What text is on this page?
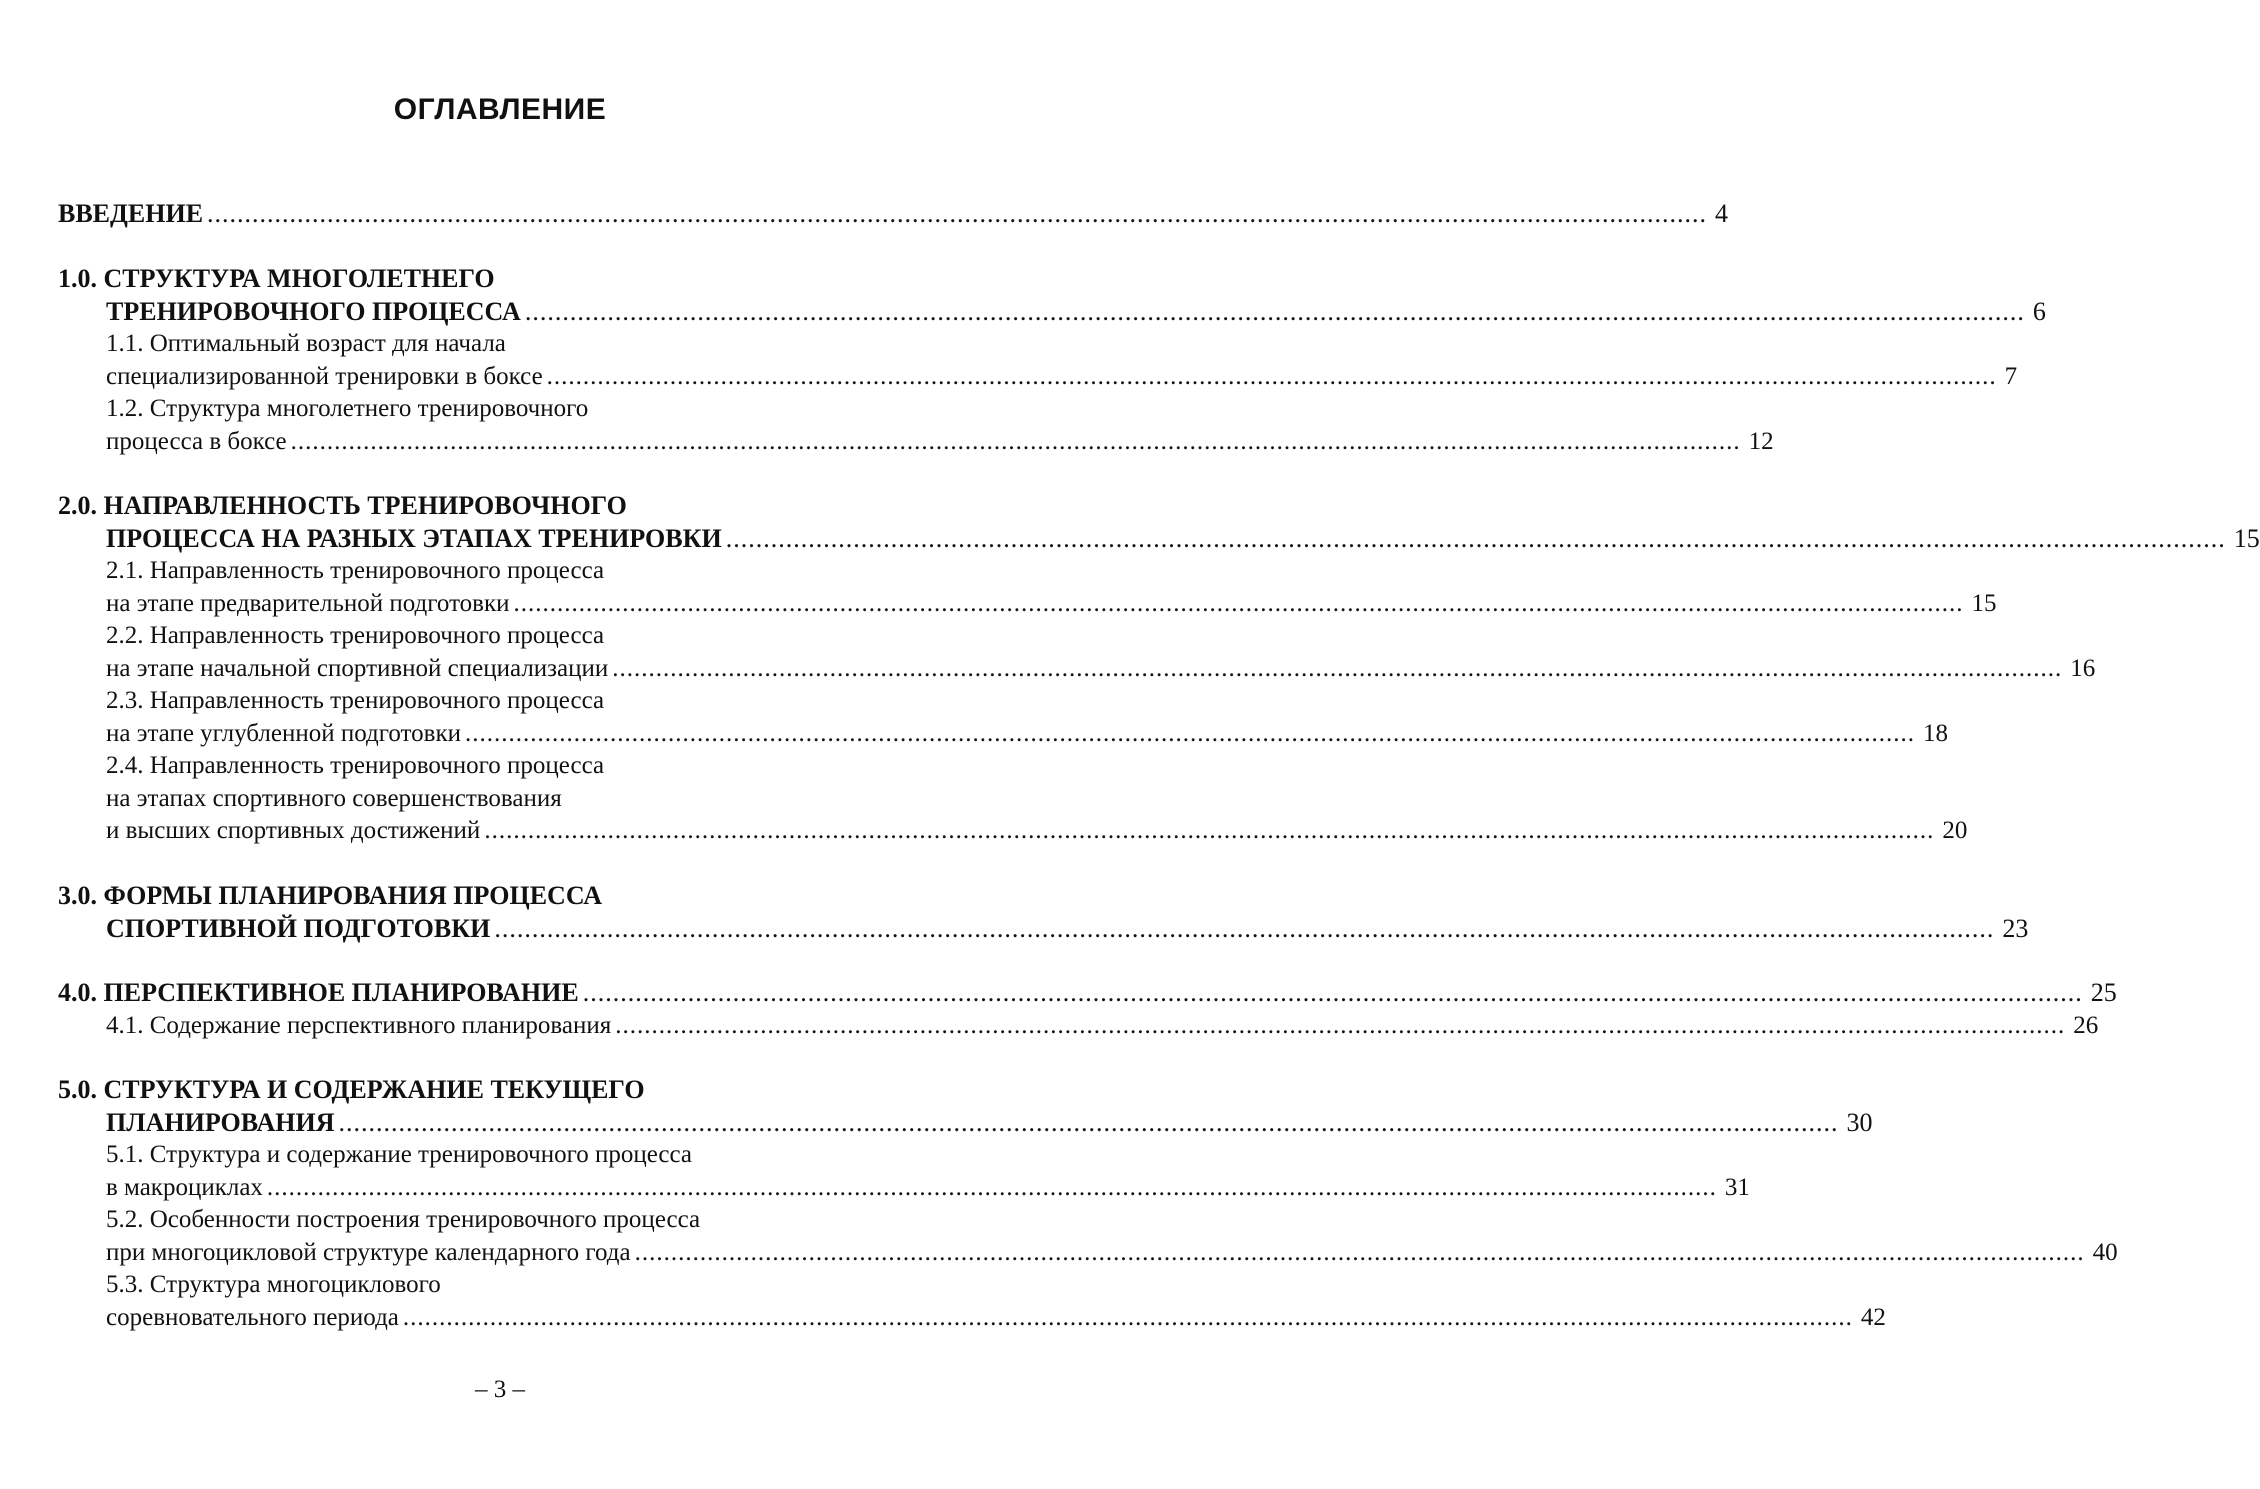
ОГЛАВЛЕНИЕ
ВВЕДЕНИЕ ........................................................................................................................................................................................................ 4
1.0. СТРУКТУРА МНОГОЛЕТНЕГО
ТРЕНИРОВОЧНОГО ПРОЦЕССА ........................................................................................................................................................................................................ 6
1.1. Оптимальный возраст для начала
специализированной тренировки в боксе ........................................................................................................................................................................................................ 7
1.2. Структура многолетнего тренировочного
процесса в боксе ........................................................................................................................................................................................................ 12
2.0. НАПРАВЛЕННОСТЬ ТРЕНИРОВОЧНОГО
ПРОЦЕССА НА РАЗНЫХ ЭТАПАХ ТРЕНИРОВКИ ........................................................................................................................................................................................................ 15
2.1. Направленность тренировочного процесса
на этапе предварительной подготовки ........................................................................................................................................................................................................ 15
2.2. Направленность тренировочного процесса
на этапе начальной спортивной специализации ........................................................................................................................................................................................................ 16
2.3. Направленность тренировочного процесса
на этапе углубленной подготовки ........................................................................................................................................................................................................ 18
2.4. Направленность тренировочного процесса
на этапах спортивного совершенствования
и высших спортивных достижений ........................................................................................................................................................................................................ 20
3.0. ФОРМЫ ПЛАНИРОВАНИЯ ПРОЦЕССА
СПОРТИВНОЙ ПОДГОТОВКИ ........................................................................................................................................................................................................ 23
4.0. ПЕРСПЕКТИВНОЕ ПЛАНИРОВАНИЕ ........................................................................................................................................................................................................ 25
4.1. Содержание перспективного планирования ........................................................................................................................................................................................................ 26
5.0. СТРУКТУРА И СОДЕРЖАНИЕ ТЕКУЩЕГО
ПЛАНИРОВАНИЯ ........................................................................................................................................................................................................ 30
5.1. Структура и содержание тренировочного процесса
в макроциклах ........................................................................................................................................................................................................ 31
5.2. Особенности построения тренировочного процесса
при многоцикловой структуре календарного года ........................................................................................................................................................................................................ 40
5.3. Структура многоциклового
соревновательного периода ........................................................................................................................................................................................................ 42
– 3 –
